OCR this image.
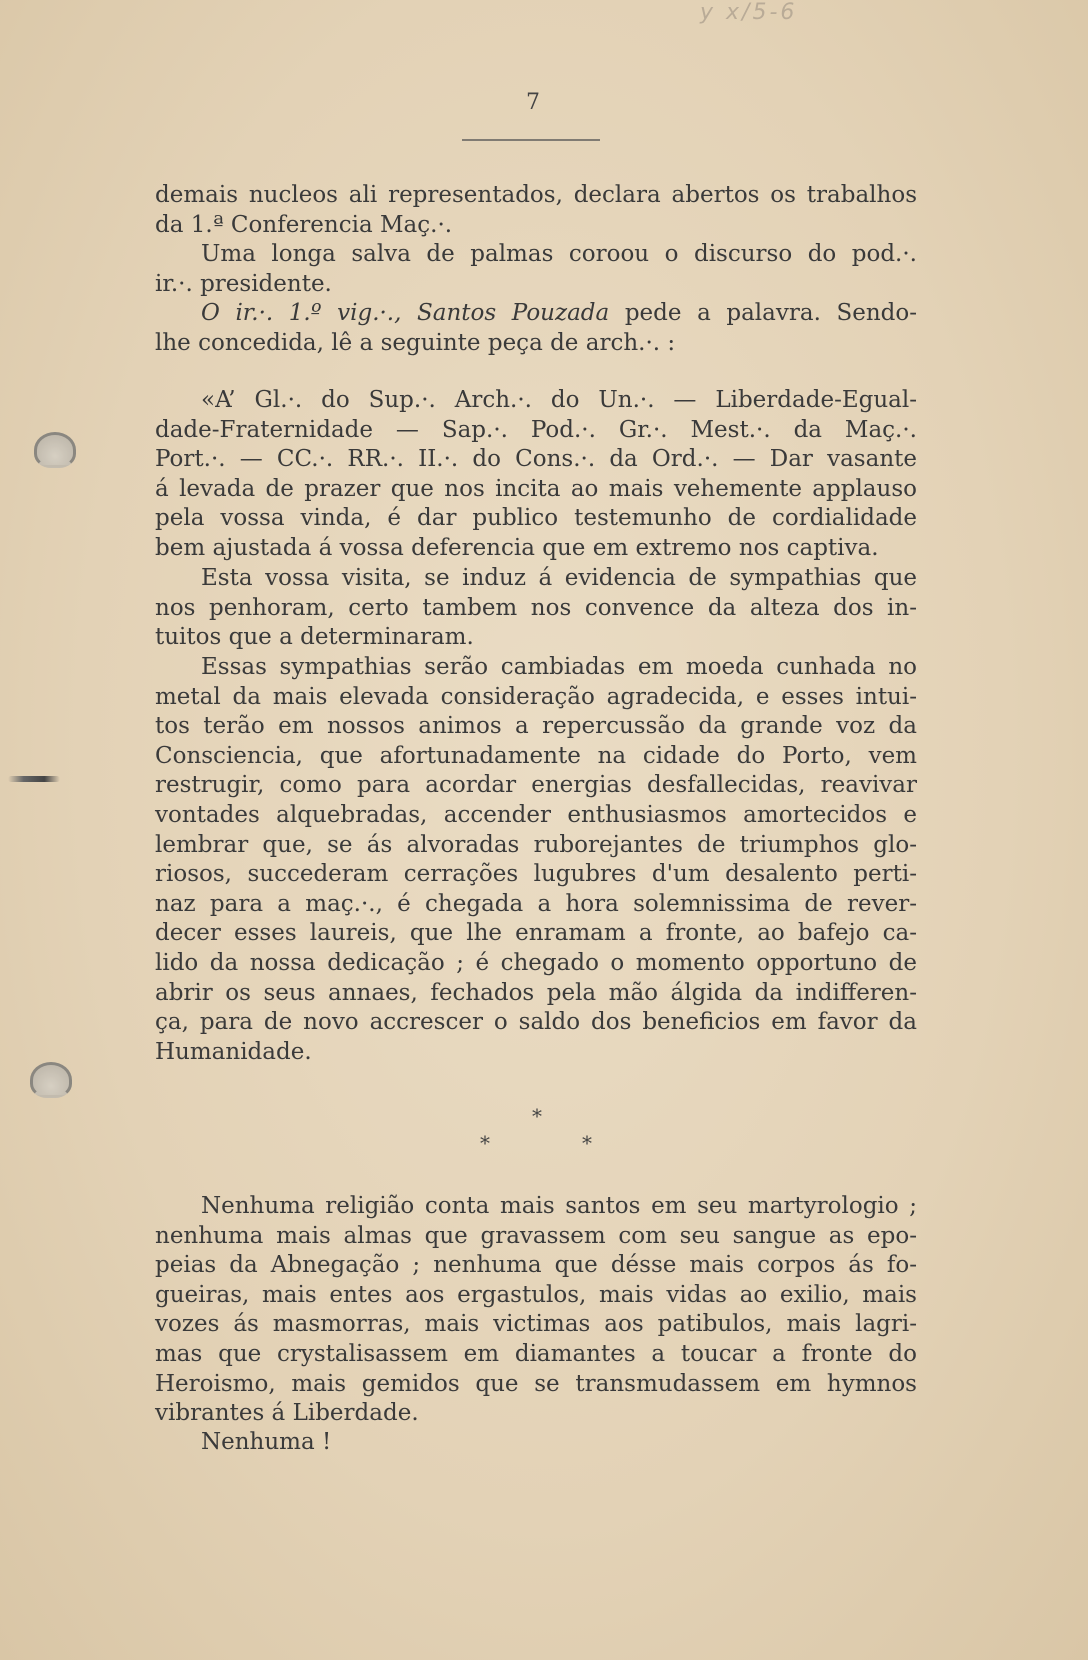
y x/5-6
7
demais nucleos ali representados, declara abertos os trabalhos
da 1.ª Conferencia Maç.·.
Uma longa salva de palmas coroou o discurso do pod.·.
ir.·. presidente.
O ir.·. 1.º vig.·., Santos Pouzada pede a palavra. Sendo-
lhe concedida, lê a seguinte peça de arch.·. :
«A’ Gl.·. do Sup.·. Arch.·. do Un.·. — Liberdade-Egual-
dade-Fraternidade — Sap.·. Pod.·. Gr.·. Mest.·. da Maç.·.
Port.·. — CC.·. RR.·. II.·. do Cons.·. da Ord.·. — Dar vasante
á levada de prazer que nos incita ao mais vehemente applauso
pela vossa vinda, é dar publico testemunho de cordialidade
bem ajustada á vossa deferencia que em extremo nos captiva.
Esta vossa visita, se induz á evidencia de sympathias que
nos penhoram, certo tambem nos convence da alteza dos in-
tuitos que a determinaram.
Essas sympathias serão cambiadas em moeda cunhada no
metal da mais elevada consideração agradecida, e esses intui-
tos terão em nossos animos a repercussão da grande voz da
Consciencia, que afortunadamente na cidade do Porto, vem
restrugir, como para acordar energias desfallecidas, reavivar
vontades alquebradas, accender enthusiasmos amortecidos e
lembrar que, se ás alvoradas ruborejantes de triumphos glo-
riosos, succederam cerrações lugubres d'um desalento perti-
naz para a maç.·., é chegada a hora solemnissima de rever-
decer esses laureis, que lhe enramam a fronte, ao bafejo ca-
lido da nossa dedicação ; é chegado o momento opportuno de
abrir os seus annaes, fechados pela mão álgida da indifferen-
ça, para de novo accrescer o saldo dos beneficios em favor da
Humanidade.
*
*	*
Nenhuma religião conta mais santos em seu martyrologio ;
nenhuma mais almas que gravassem com seu sangue as epo-
peias da Abnegação ; nenhuma que désse mais corpos ás fo-
gueiras, mais entes aos ergastulos, mais vidas ao exilio, mais
vozes ás masmorras, mais victimas aos patibulos, mais lagri-
mas que crystalisassem em diamantes a toucar a fronte do
Heroismo, mais gemidos que se transmudassem em hymnos
vibrantes á Liberdade.
Nenhuma !
